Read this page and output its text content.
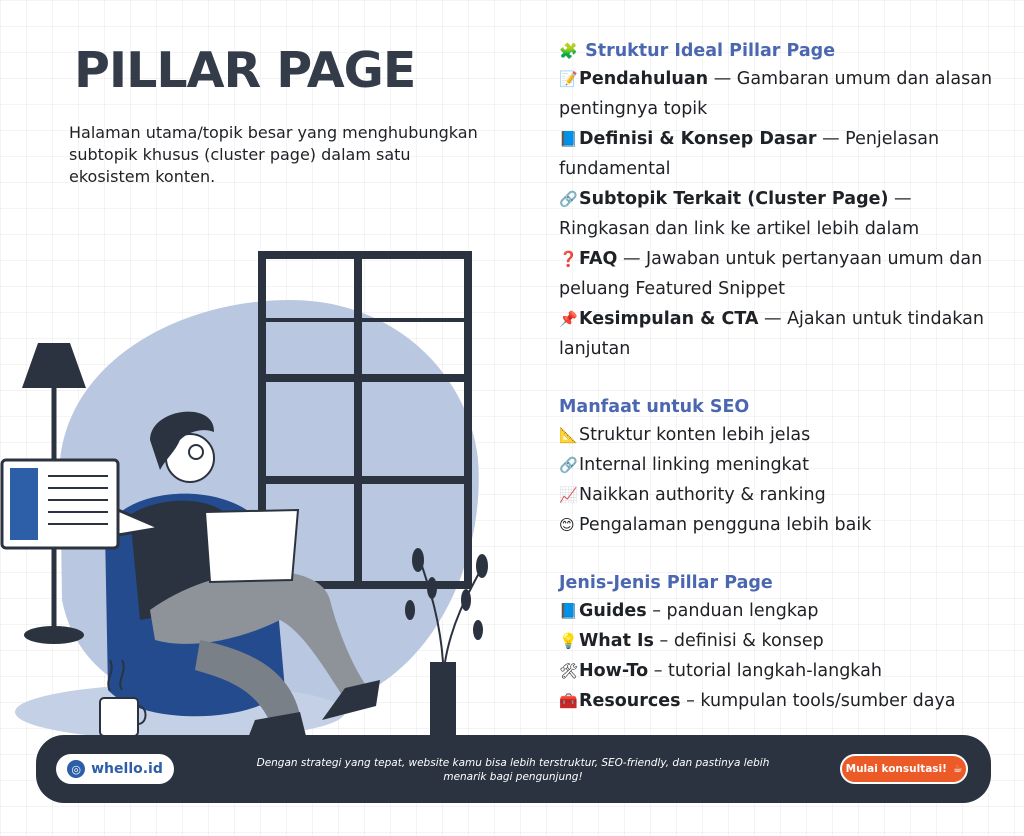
PILLAR PAGE
Halaman utama/topik besar yang menghubungkan subtopik khusus (cluster page) dalam satu ekosistem konten.
🧩 Struktur Ideal Pillar Page
📝Pendahuluan — Gambaran umum dan alasan pentingnya topik
📘Definisi & Konsep Dasar — Penjelasan fundamental
🔗Subtopik Terkait (Cluster Page) — Ringkasan dan link ke artikel lebih dalam
❓FAQ — Jawaban untuk pertanyaan umum dan peluang Featured Snippet
📌Kesimpulan & CTA — Ajakan untuk tindakan lanjutan
Manfaat untuk SEO
📐Struktur konten lebih jelas
🔗Internal linking meningkat
📈Naikkan authority & ranking
😊 Pengalaman pengguna lebih baik
Jenis-Jenis Pillar Page
📘Guides – panduan lengkap
💡What Is – definisi & konsep
🛠How-To – tutorial langkah-langkah
🧰Resources – kumpulan tools/sumber daya
◎ whello.id	Dengan strategi yang tepat, website kamu bisa lebih terstruktur, SEO-friendly, dan pastinya lebih menarik bagi pengunjung!
Mulai konsultasi! ☕
